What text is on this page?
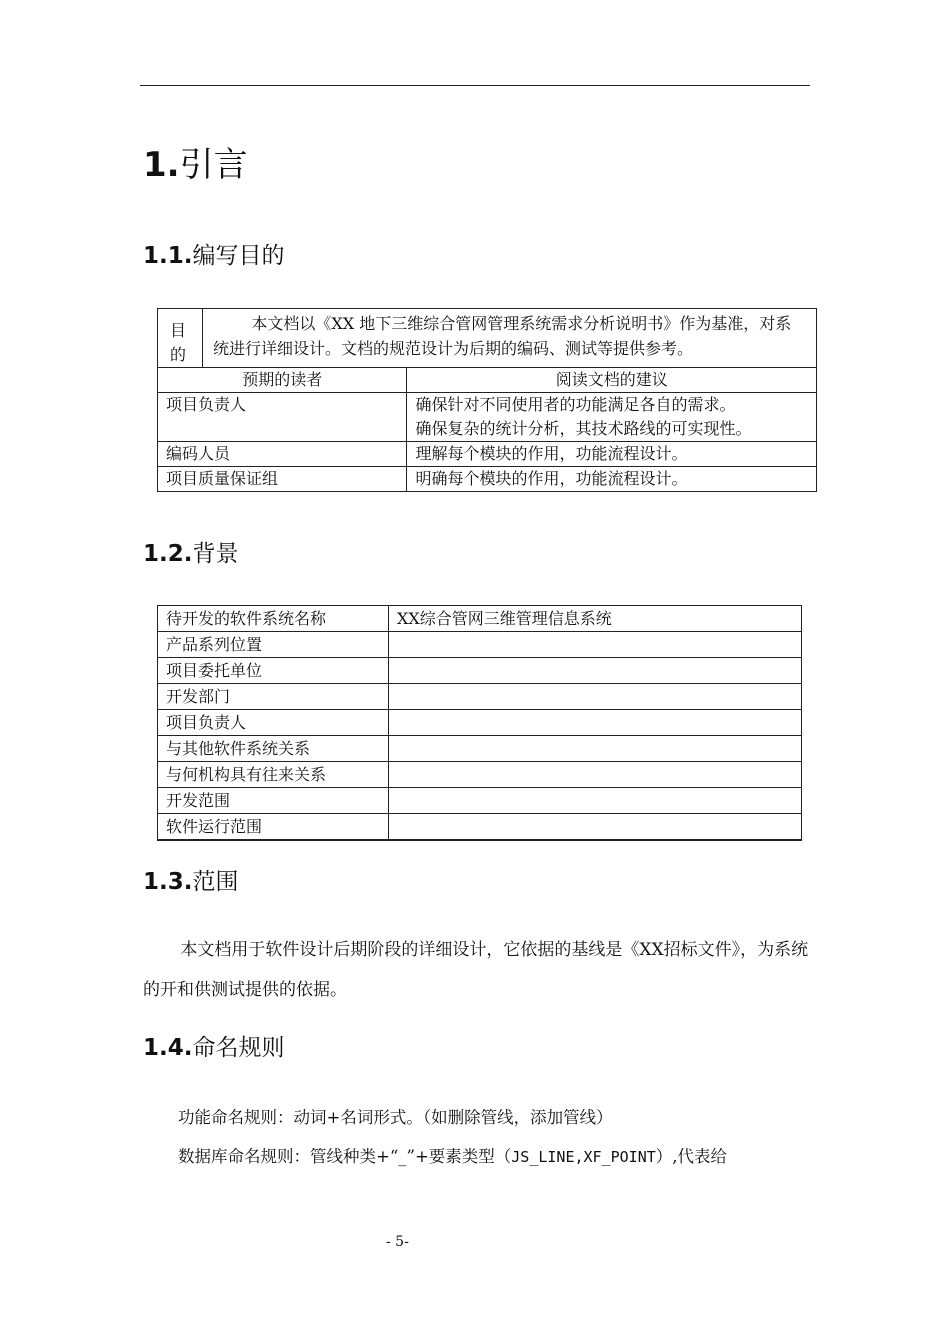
1.引言
1.1.编写目的
目的	本文档以《XX 地下三维综合管网管理系统需求分析说明书》作为基准，对系统进行详细设计。文档的规范设计为后期的编码、测试等提供参考。	
预期的读者		阅读文档的建议
项目负责人		确保针对不同使用者的功能满足各自的需求。
确保复杂的统计分析，其技术路线的可实现性。

编码人员		理解每个模块的作用，功能流程设计。
项目质量保证组		明确每个模块的作用，功能流程设计。
1.2.背景
待开发的软件系统名称	XX综合管网三维管理信息系统
产品系列位置	
项目委托单位	
开发部门	
项目负责人	
与其他软件系统关系	
与何机构具有往来关系	
开发范围	
软件运行范围	
1.3.范围
本文档用于软件设计后期阶段的详细设计，它依据的基线是《XX招标文件》，为系统的开和供测试提供的依据。
1.4.命名规则
功能命名规则：动词+名词形式。（如删除管线，添加管线）
数据库命名规则：管线种类+“_”+要素类型（JS_LINE,XF_POINT）,代表给
- 5-
